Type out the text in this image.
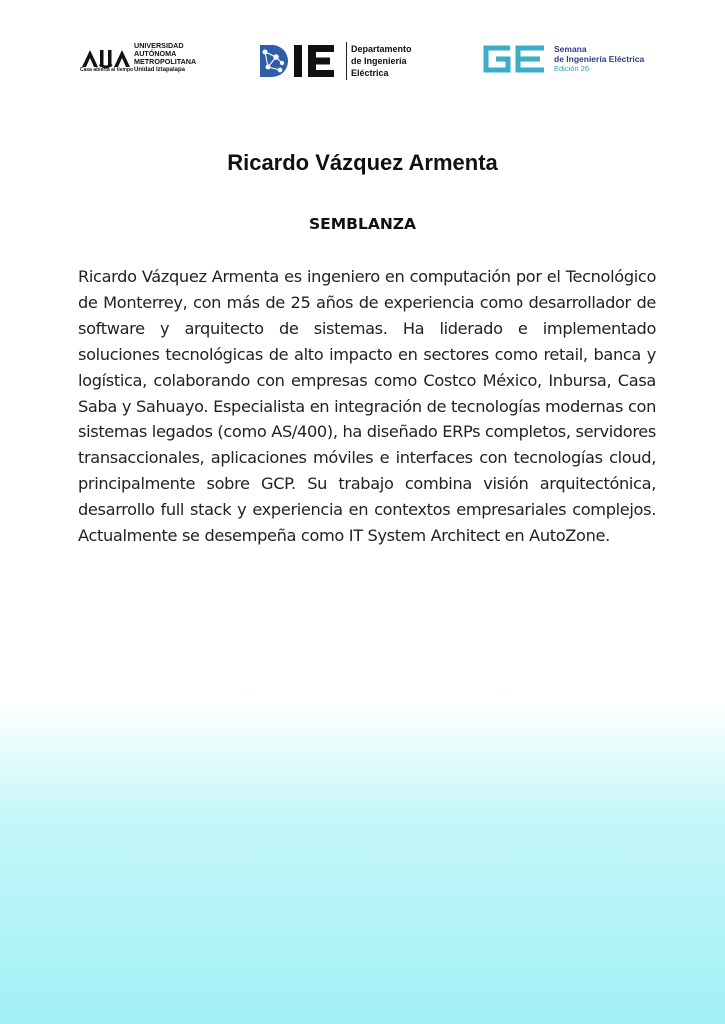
UNIVERSIDAD
AUTÓNOMA
METROPOLITANA
Unidad Iztapalapa
Casa abierta al tiempo
Departamento
de Ingeniería
Eléctrica
Semana
de Ingeniería Eléctrica
Edición 26
Ricardo Vázquez Armenta
SEMBLANZA

Ricardo Vázquez Armenta es ingeniero en computación por el Tecnológico de Monterrey, con más de 25 años de experiencia como desarrollador de software y arquitecto de sistemas. Ha liderado e implementado soluciones tecnológicas de alto impacto en sectores como retail, banca y logística, colaborando con empresas como Costco México, Inbursa, Casa Saba y Sahuayo. Especialista en integración de tecnologías modernas con sistemas legados (como AS/400), ha diseñado ERPs completos, servidores transaccionales, aplicaciones móviles e interfaces con tecnologías cloud, principalmente sobre GCP. Su trabajo combina visión arquitectónica, desarrollo full stack y experiencia en contextos empresariales complejos. Actualmente se desempeña como IT System Architect en AutoZone.
